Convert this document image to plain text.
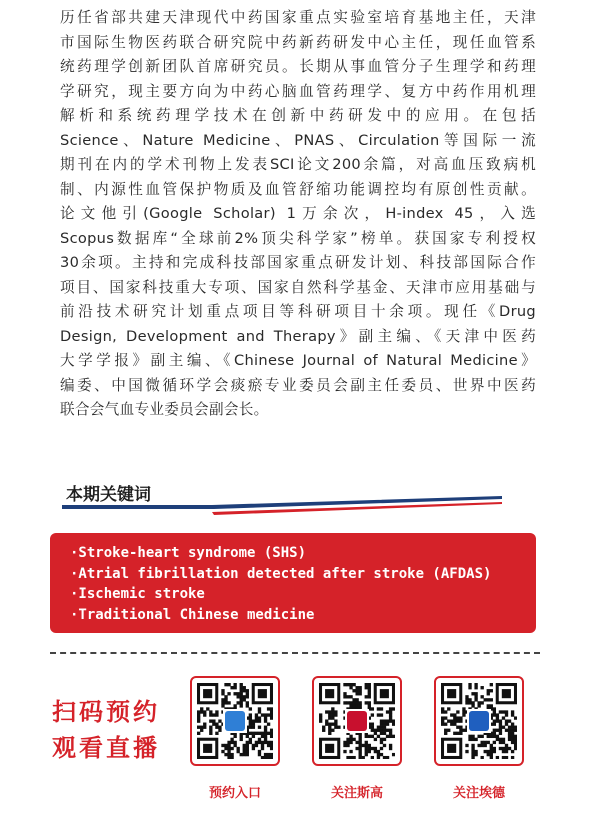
历任省部共建天津现代中药国家重点实验室培育基地主任，天津
市国际生物医药联合研究院中药新药研发中心主任，现任血管系
统药理学创新团队首席研究员。长期从事血管分子生理学和药理
学研究，现主要方向为中药心脑血管药理学、复方中药作用机理
解析和系统药理学技术在创新中药研发中的应用。在包括
Science、Nature Medicine、PNAS、Circulation等国际一流
期刊在内的学术刊物上发表SCI论文200余篇，对高血压致病机
制、内源性血管保护物质及血管舒缩功能调控均有原创性贡献。
论文他引(Google Scholar) 1万余次，H-index 45，入选
Scopus数据库“全球前2%顶尖科学家”榜单。获国家专利授权
30余项。主持和完成科技部国家重点研发计划、科技部国际合作
项目、国家科技重大专项、国家自然科学基金、天津市应用基础与
前沿技术研究计划重点项目等科研项目十余项。现任《Drug
Design, Development and Therapy》副主编、《天津中医药
大学学报》副主编、《Chinese Journal of Natural Medicine》
编委、中国微循环学会痰瘀专业委员会副主任委员、世界中医药
联合会气血专业委员会副会长。
本期关键词
·Stroke-heart syndrome (SHS)
·Atrial fibrillation detected after stroke (AFDAS)
·Ischemic stroke
·Traditional Chinese medicine
扫码预约
观看直播
预约入口	关注斯高	关注埃德
